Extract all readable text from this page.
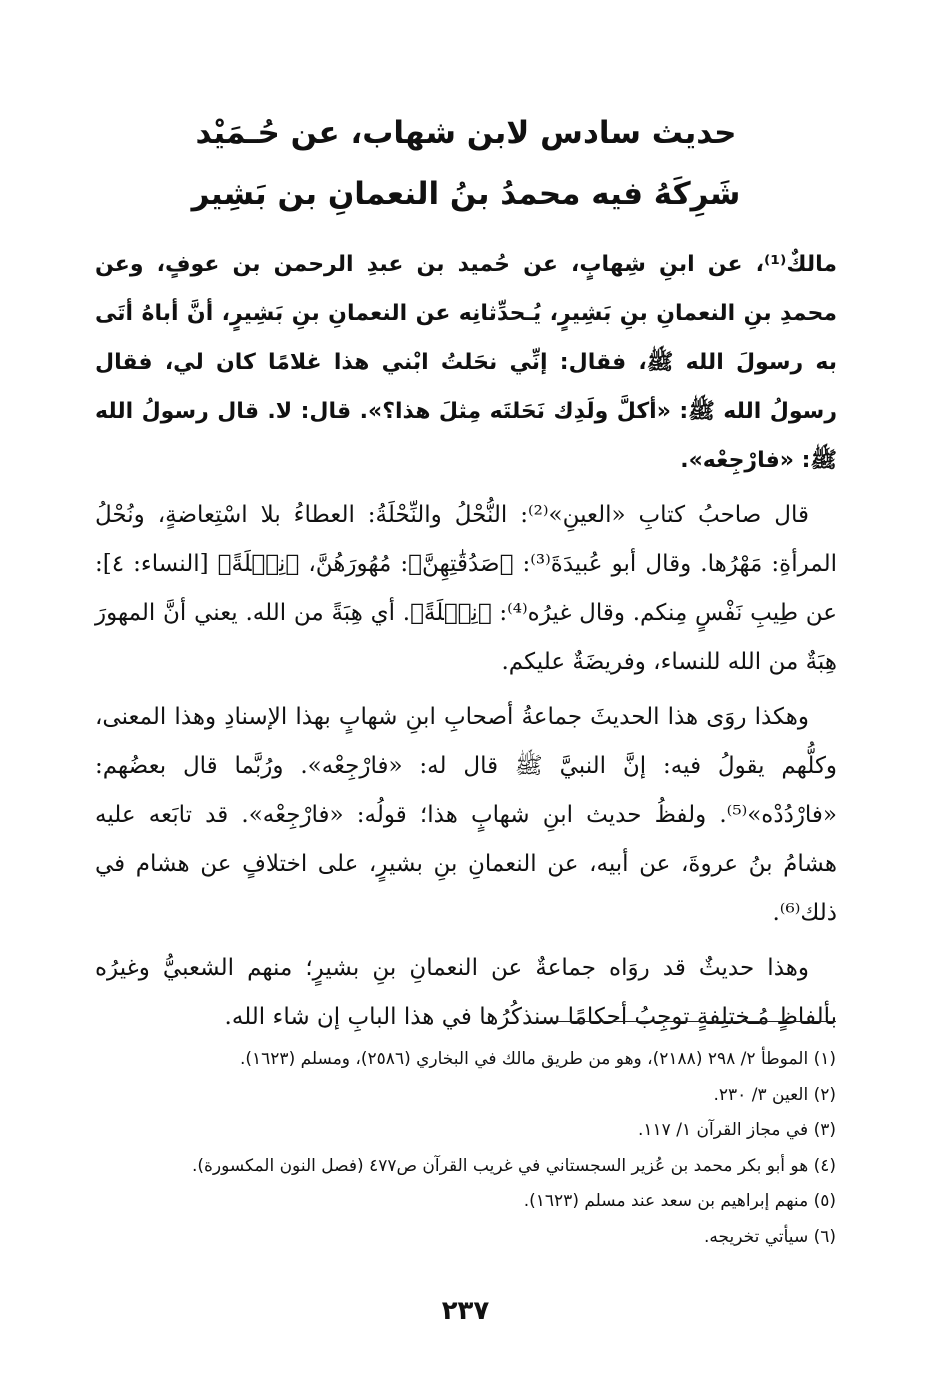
حديث سادس لابن شهاب، عن حُـمَيْد
شَرِكَهُ فيه محمدُ بنُ النعمانِ بن بَشِير

مالكٌ⁽¹⁾، عن ابنِ شِهابٍ، عن حُميد بن عبدِ الرحمن بن عوفٍ، وعن محمدِ بنِ النعمانِ بنِ بَشِيرٍ، يُـحدِّثانِه عن النعمانِ بنِ بَشِيرٍ، أنَّ أباهُ أتَى به رسولَ الله ﷺ، فقال: إنِّي نحَلتُ ابْني هذا غلامًا كان لي، فقال رسولُ الله ﷺ: «أكلَّ ولَدِك نَحَلتَه مِثلَ هذا؟». قال: لا. قال رسولُ الله ﷺ: «فارْجِعْه».

قال صاحبُ كتابِ «العينِ»⁽²⁾: النُّحْلُ والنِّحْلَةُ: العطاءُ بلا اسْتِعاضةٍ، ونُحْلُ المرأةِ: مَهْرُها. وقال أبو عُبيدَةَ⁽³⁾: ﴿صَدُقَٰتِهِنَّ﴾: مُهُورَهُنَّ، ﴿نِحۡلَةً﴾ [النساء: ٤]: عن طِيبِ نَفْسٍ مِنكم. وقال غيرُه⁽⁴⁾: ﴿نِحۡلَةً﴾. أي هِبَةً من الله. يعني أنَّ المهورَ هِبَةٌ من الله للنساء، وفريضَةٌ عليكم.

وهكذا روَى هذا الحديثَ جماعةُ أصحابِ ابنِ شهابٍ بهذا الإسنادِ وهذا المعنى، وكلُّهم يقولُ فيه: إنَّ النبيَّ ﷺ قال له: «فارْجِعْه». ورُبَّما قال بعضُهم: «فارْدُدْه»⁽⁵⁾. ولفظُ حديث ابنِ شهابٍ هذا؛ قولُه: «فارْجِعْه». قد تابَعه عليه هشامُ بنُ عروةَ، عن أبيه، عن النعمانِ بنِ بشيرٍ، على اختلافٍ عن هشام في ذلك⁽⁶⁾.

وهذا حديثٌ قد روَاه جماعةٌ عن النعمانِ بنِ بشيرٍ؛ منهم الشعبيُّ وغيرُه بألفاظٍ مُـختلِفةٍ توجِبُ أحكامًا سنذكُرُها في هذا البابِ إن شاء الله.

(١) الموطأ ٢/ ٢٩٨ (٢١٨٨)، وهو من طريق مالك في البخاري (٢٥٨٦)، ومسلم (١٦٢٣).

(٢) العين ٣/ ٢٣٠.

(٣) في مجاز القرآن ١/ ١١٧.

(٤) هو أبو بكر محمد بن عُزير السجستاني في غريب القرآن ص٤٧٧ (فصل النون المكسورة).

(٥) منهم إبراهيم بن سعد عند مسلم (١٦٢٣).

(٦) سيأتي تخريجه.

٢٣٧
